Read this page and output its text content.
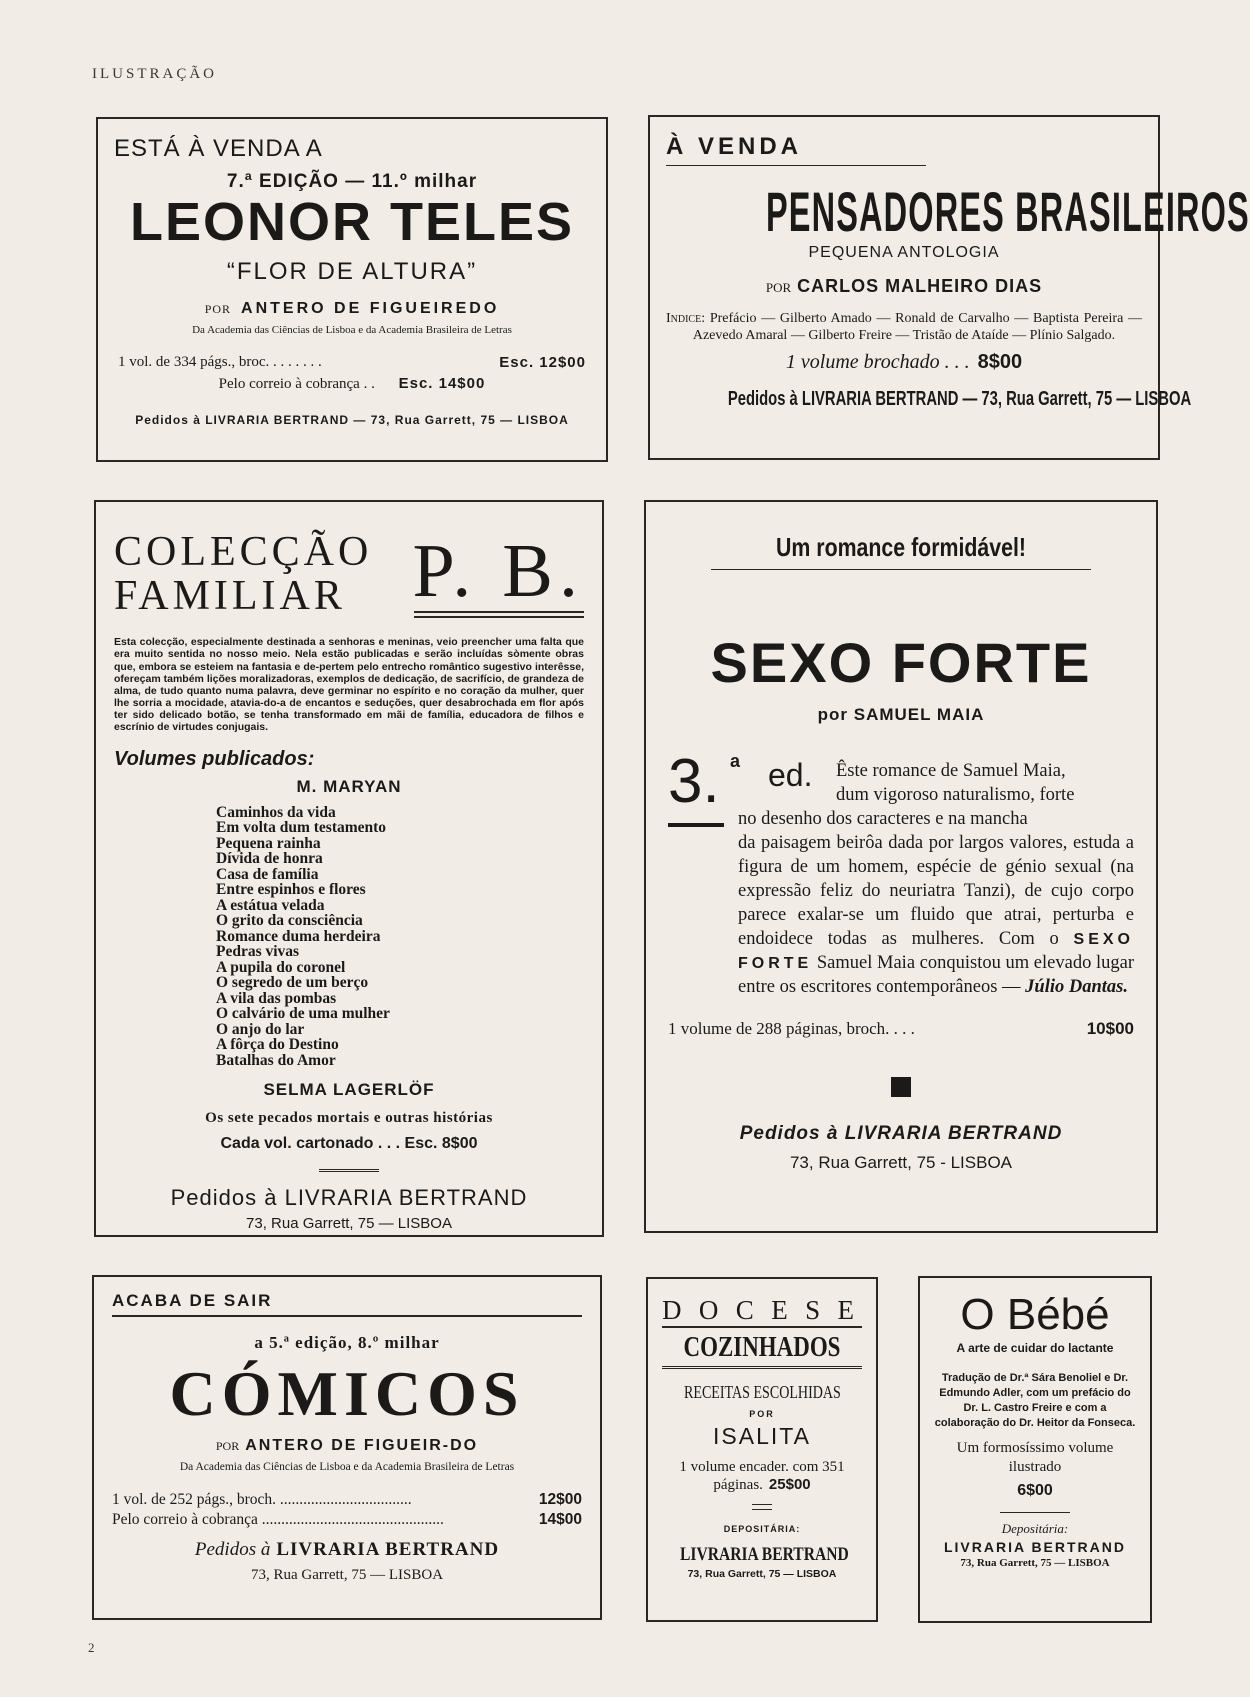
ILUSTRAÇÃO
ESTÁ À VENDA A
7.ª EDIÇÃO — 11.º milhar
LEONOR TELES
“FLOR DE ALTURA”
POR ANTERO DE FIGUEIREDO
Da Academia das Ciências de Lisboa e da Academia Brasileira de Letras
1 vol. de 334 págs., broc. . . . . . . .	Esc. 12$00
Pelo correio à cobrança . . Esc. 14$00
Pedidos à LIVRARIA BERTRAND — 73, Rua Garrett, 75 — LISBOA
À VENDA
PENSADORES BRASILEIROS
PEQUENA ANTOLOGIA
POR CARLOS MALHEIRO DIAS
Indice: Prefácio — Gilberto Amado — Ronald de Carvalho — Baptista Pereira — Azevedo Amaral — Gilberto Freire — Tristão de Ataíde — Plínio Salgado.
1 volume brochado . . . 8$00
Pedidos à LIVRARIA BERTRAND — 73, Rua Garrett, 75 — LISBOA
COLECÇÃO
FAMILIAR P. B.
Esta colecção, especialmente destinada a senhoras e meninas, veio preencher uma falta que era muito sentida no nosso meio. Nela estão publicadas e serão incluídas sòmente obras que, embora se esteiem na fantasia e de-pertem pelo entrecho romântico sugestivo interêsse, ofereçam também lições moralizadoras, exemplos de dedicação, de sacrifício, de grandeza de alma, de tudo quanto numa palavra, deve germinar no espírito e no coração da mulher, quer lhe sorria a mocidade, atavia-do-a de encantos e seduções, quer desabrochada em flor após ter sido delicado botão, se tenha transformado em mãi de família, educadora de filhos e escrínio de virtudes conjugais.
Volumes publicados:
M. MARYAN
Caminhos da vida
Em volta dum testamento
Pequena rainha
Dívida de honra
Casa de família
Entre espinhos e flores
A estátua velada
O grito da consciência
Romance duma herdeira
Pedras vivas
A pupila do coronel
O segredo de um berço
A vila das pombas
O calvário de uma mulher
O anjo do lar
A fôrça do Destino
Batalhas do Amor
SELMA LAGERLÖF
Os sete pecados mortais e outras histórias
Cada vol. cartonado . . . Esc. 8$00
Pedidos à LIVRARIA BERTRAND
73, Rua Garrett, 75 — LISBOA
Um romance formidável!
SEXO FORTE
por SAMUEL MAIA
3. a ed.	Êste romance de Samuel Maia,
dum vigoroso naturalismo, forte
no desenho dos caracteres e na mancha
da paisagem beirôa dada por largos valores, estuda a figura de um homem, espécie de génio sexual (na expressão feliz do neuriatra Tanzi), de cujo corpo parece exalar-se um fluido que atrai, perturba e endoidece todas as mulheres. Com o SEXO FORTE Samuel Maia conquistou um elevado lugar entre os escritores contemporâneos — Júlio Dantas.
1 volume de 288 páginas, broch. . . .	10$00
Pedidos à LIVRARIA BERTRAND
73, Rua Garrett, 75 - LISBOA
ACABA DE SAIR
a 5.ª edição, 8.º milhar
CÓMICOS
POR ANTERO DE FIGUEIR-DO
Da Academia das Ciências de Lisboa e da Academia Brasileira de Letras
1 vol. de 252 págs., broch. ..................................	12$00
Pelo correio à cobrança ...............................................	14$00
Pedidos à LIVRARIA BERTRAND
73, Rua Garrett, 75 — LISBOA
D O C E S E
COZINHADOS
RECEITAS ESCOLHIDAS
POR
ISALITA
1 volume encader. com 351 páginas. 25$00
DEPOSITÁRIA:
LIVRARIA BERTRAND
73, Rua Garrett, 75 — LISBOA
O Bébé
A arte de cuidar do lactante
Tradução de Dr.ª Sára Benoliel e Dr. Edmundo Adler, com um prefácio do Dr. L. Castro Freire e com a colaboração do Dr. Heitor da Fonseca.
Um formosíssimo volume ilustrado
6$00
Depositária:
LIVRARIA BERTRAND
73, Rua Garrett, 75 — LISBOA
2
